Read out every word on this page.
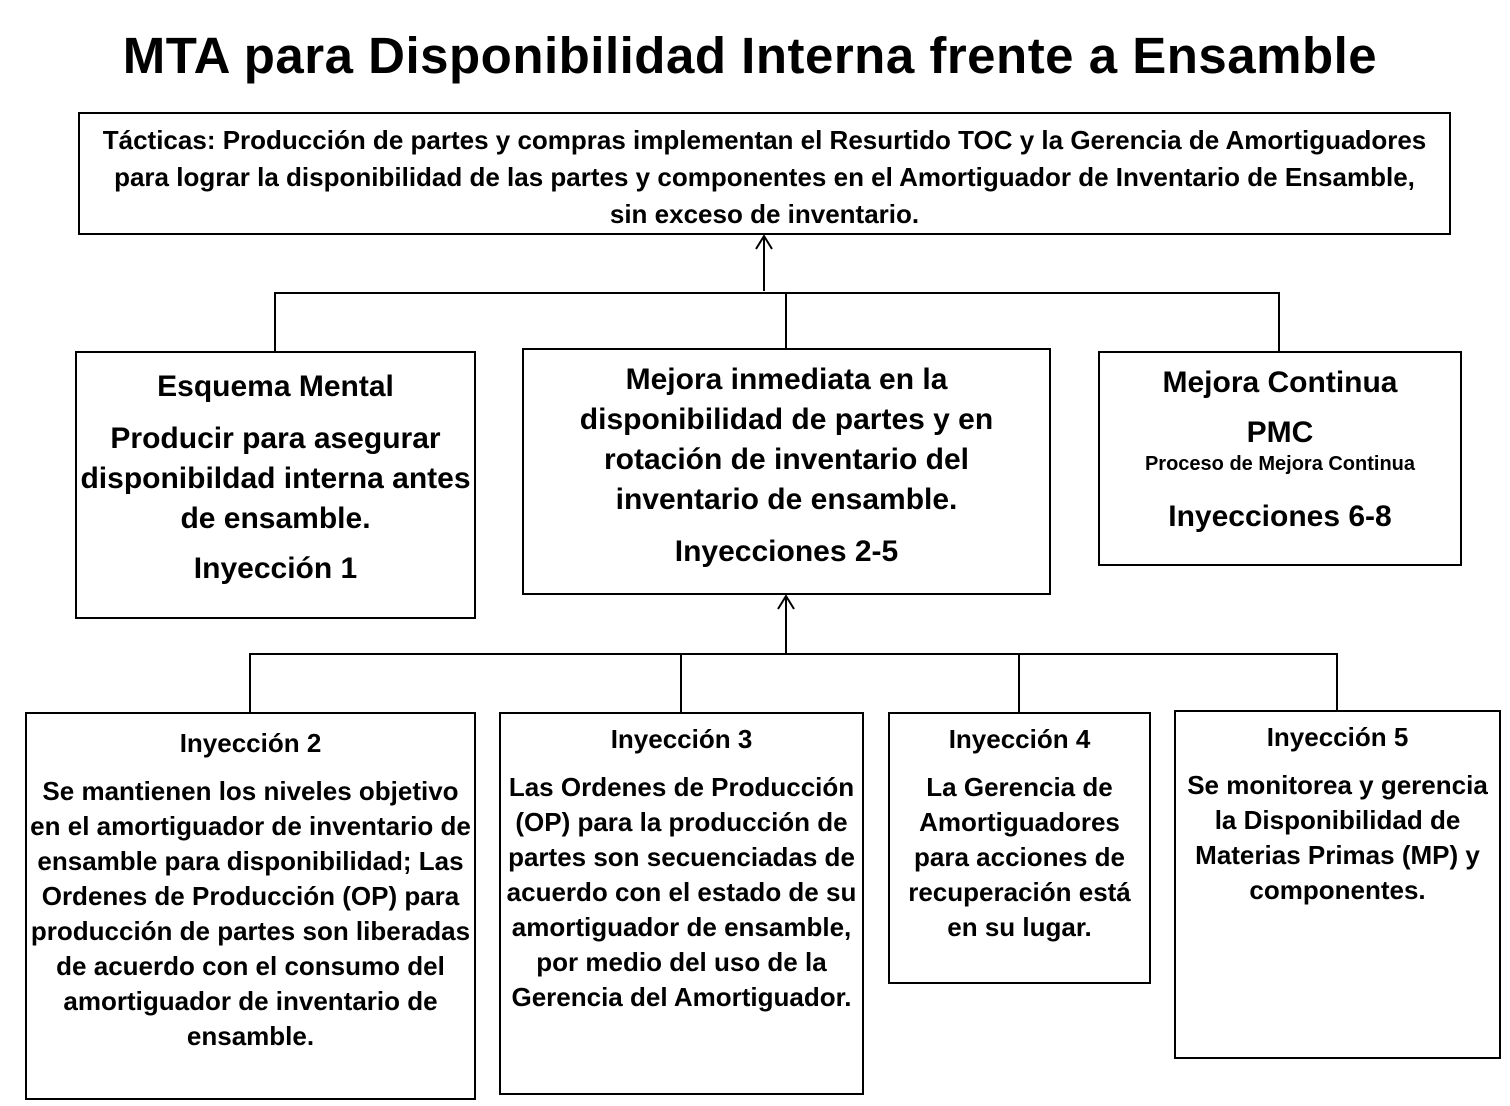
MTA para Disponibilidad Interna frente a Ensamble

Tácticas: Producción de partes y compras implementan el Resurtido TOC y la Gerencia de Amortiguadores para lograr la disponibilidad de las partes y componentes en el Amortiguador de Inventario de Ensamble, sin exceso de inventario.

Esquema Mental

Producir para asegurar disponibildad interna antes de ensamble.

Inyección 1

Mejora inmediata en la disponibilidad de partes y en rotación de inventario del inventario de ensamble.

Inyecciones 2-5

Mejora Continua

PMC

Proceso de Mejora Continua

Inyecciones 6-8

Inyección 2

Se mantienen los niveles objetivo en el amortiguador de inventario de ensamble para disponibilidad; Las Ordenes de Producción (OP) para producción de partes son liberadas de acuerdo con el consumo del amortiguador de inventario de ensamble.

Inyección 3

Las Ordenes de Producción (OP) para la producción de partes son secuenciadas de acuerdo con el estado de su amortiguador de ensamble, por medio del uso de la Gerencia del Amortiguador.

Inyección 4

La Gerencia de Amortiguadores para acciones de recuperación está en su lugar.

Inyección 5

Se monitorea y gerencia la Disponibilidad de Materias Primas (MP) y componentes.
